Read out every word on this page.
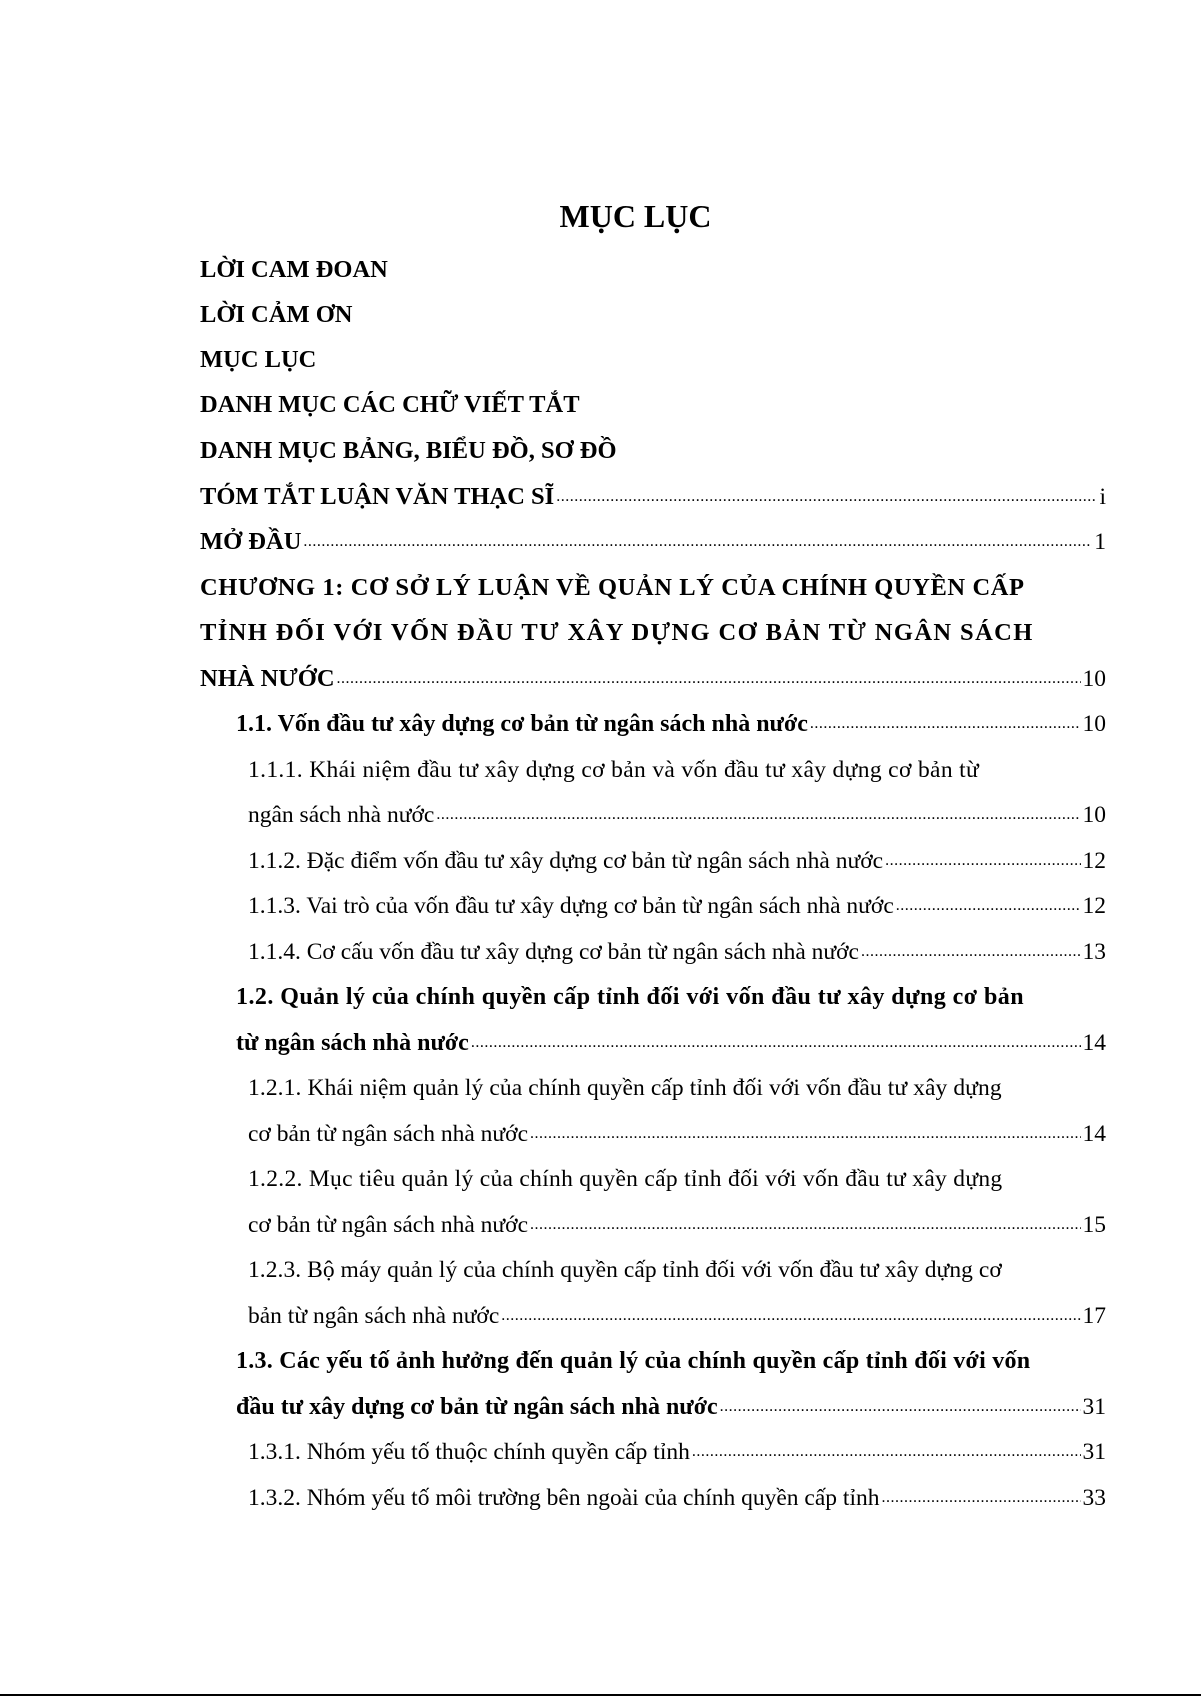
MỤC LỤC
LỜI CAM ĐOAN
LỜI CẢM ƠN
MỤC LỤC
DANH MỤC CÁC CHỮ VIẾT TẮT
DANH MỤC BẢNG, BIỂU ĐỒ, SƠ ĐỒ
TÓM TẮT LUẬN VĂN THẠC SĨ .....	i
MỞ ĐẦU .....	1
CHƯƠNG 1: CƠ SỞ LÝ LUẬN VỀ QUẢN LÝ CỦA CHÍNH QUYỀN CẤP
TỈNH ĐỐI VỚI VỐN ĐẦU TƯ XÂY DỰNG CƠ BẢN TỪ NGÂN SÁCH
NHÀ NƯỚC .....	10
1.1. Vốn đầu tư xây dựng cơ bản từ ngân sách nhà nước .....	10
1.1.1. Khái niệm đầu tư xây dựng cơ bản và vốn đầu tư xây dựng cơ bản từ
ngân sách nhà nước .....	10
1.1.2. Đặc điểm vốn đầu tư xây dựng cơ bản từ ngân sách nhà nước .....	12
1.1.3. Vai trò của vốn đầu tư xây dựng cơ bản từ ngân sách nhà nước .....	12
1.1.4. Cơ cấu vốn đầu tư xây dựng cơ bản từ ngân sách nhà nước .....	13
1.2. Quản lý của chính quyền cấp tỉnh đối với vốn đầu tư xây dựng cơ bản
từ ngân sách nhà nước .....	14
1.2.1. Khái niệm quản lý của chính quyền cấp tỉnh đối với vốn đầu tư xây dựng
cơ bản từ ngân sách nhà nước .....	14
1.2.2. Mục tiêu quản lý của chính quyền cấp tỉnh đối với vốn đầu tư xây dựng
cơ bản từ ngân sách nhà nước .....	15
1.2.3. Bộ máy quản lý của chính quyền cấp tỉnh đối với vốn đầu tư xây dựng cơ
bản từ ngân sách nhà nước .....	17
1.3. Các yếu tố ảnh hưởng đến quản lý của chính quyền cấp tỉnh đối với vốn
đầu tư xây dựng cơ bản từ ngân sách nhà nước .....	31
1.3.1. Nhóm yếu tố thuộc chính quyền cấp tỉnh .....	31
1.3.2. Nhóm yếu tố môi trường bên ngoài của chính quyền cấp tỉnh .....	33
